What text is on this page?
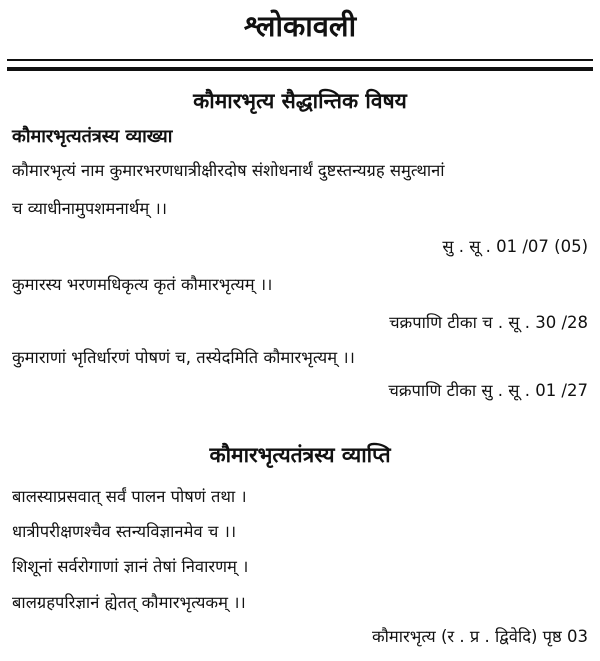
श्लोकावली
कौमारभृत्य सैद्धान्तिक विषय
कौमारभृत्यतंत्रस्य व्याख्या
कौमारभृत्यं नाम कुमारभरणधात्रीक्षीरदोष संशोधनार्थं दुष्टस्तन्यग्रह समुत्थानां
च व्याधीनामुपशमनार्थम् ।।
सु . सू . 01 /07 (05)
कुमारस्य भरणमधिकृत्य कृतं कौमारभृत्यम् ।।
चक्रपाणि टीका च . सू . 30 /28
कुमाराणां भृतिर्धारणं पोषणं च, तस्येदमिति कौमारभृत्यम् ।।
चक्रपाणि टीका सु . सू . 01 /27
कौमारभृत्यतंत्रस्य व्याप्ति
बालस्याप्रसवात् सर्वं पालन पोषणं तथा ।
धात्रीपरीक्षणश्चैव स्तन्यविज्ञानमेव च ।।
शिशूनां सर्वरोगाणां ज्ञानं तेषां निवारणम् ।
बालग्रहपरिज्ञानं ह्येतत् कौमारभृत्यकम् ।।
कौमारभृत्य (र . प्र . द्विवेदि) पृष्ठ 03
